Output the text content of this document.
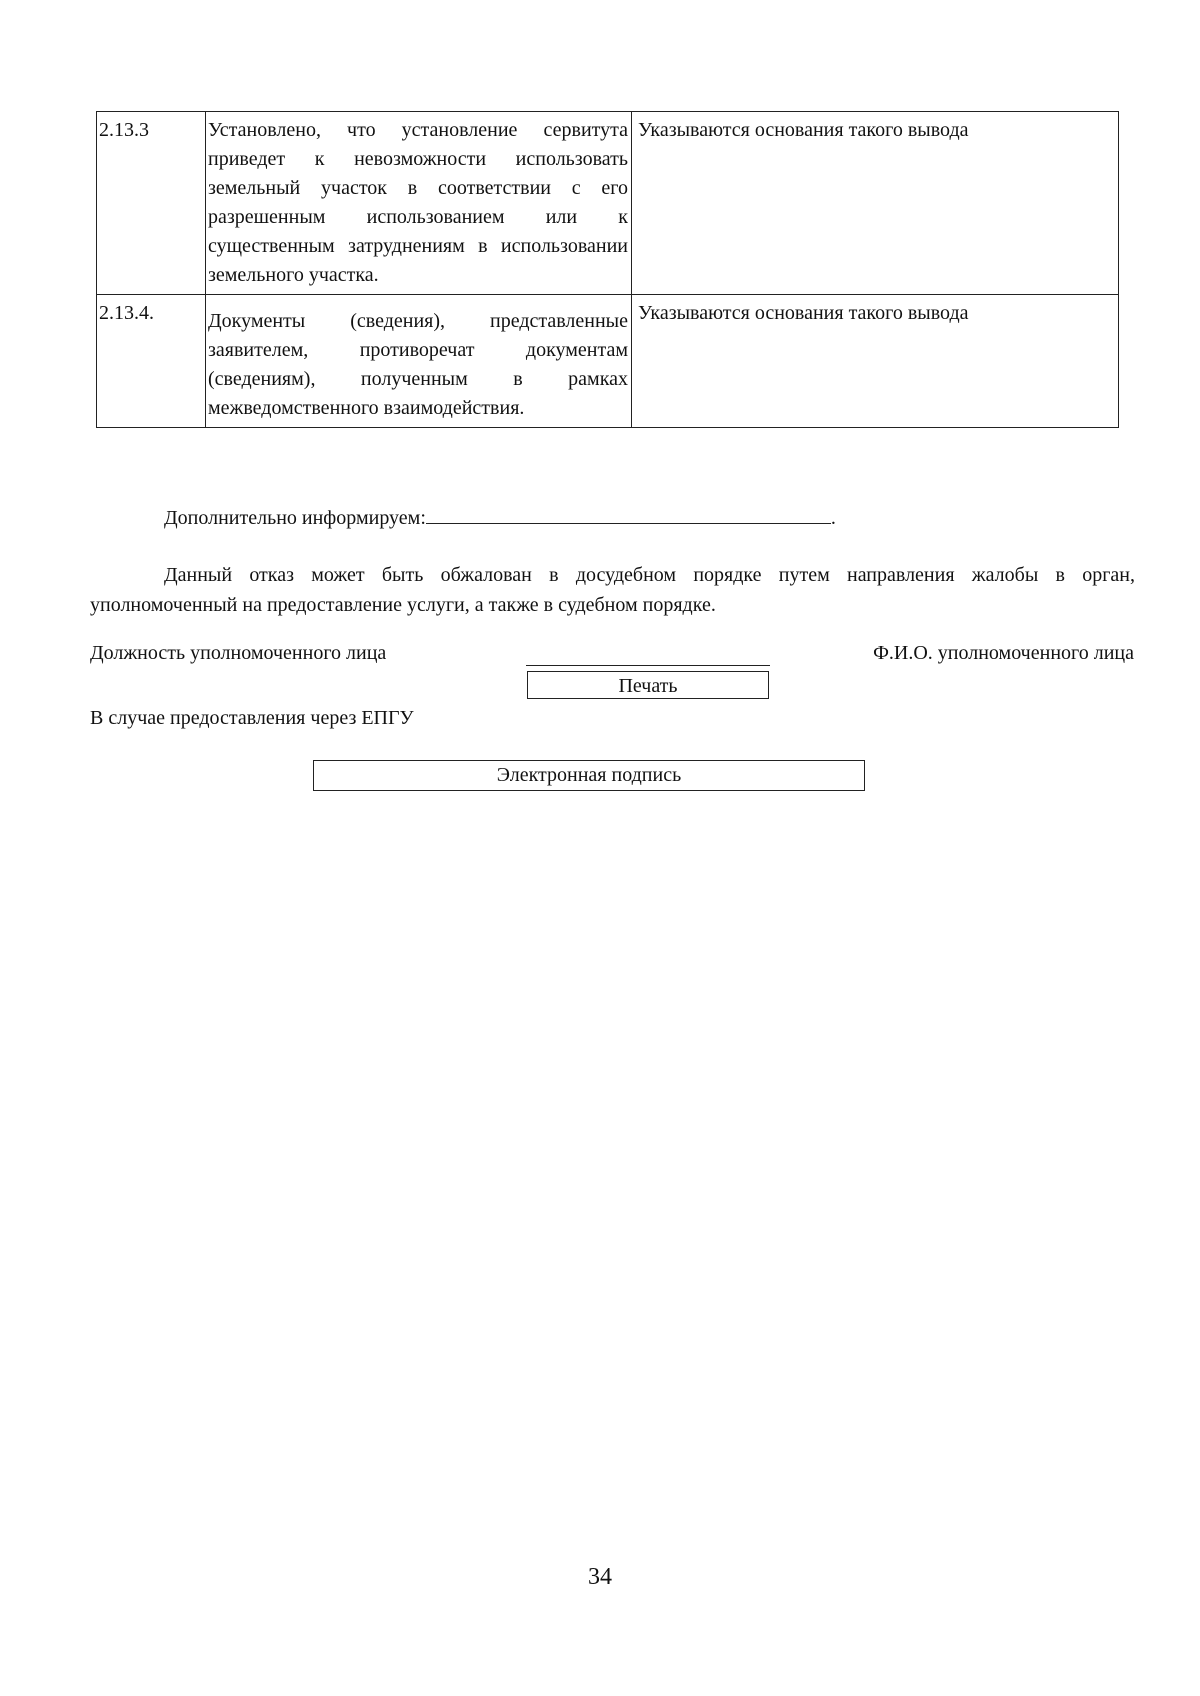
2.13.3	Установлено, что установление сервитута приведет к невозможности использовать земельный участок в соответствии с его разрешенным использованием или к существенным затруднениям в использовании земельного участка.	Указываются основания такого вывода
2.13.4.	Документы (сведения), представленные заявителем, противоречат документам (сведениям), полученным в рамках межведомственного взаимодействия.	Указываются основания такого вывода
Дополнительно информируем:	.

Данный отказ может быть обжалован в досудебном порядке путем направления жалобы в орган, уполномоченный на предоставление услуги, а также в судебном порядке.

Должность уполномоченного лица	Ф.И.О. уполномоченного лица
Печать
В случае предоставления через ЕПГУ
Электронная подпись
34
